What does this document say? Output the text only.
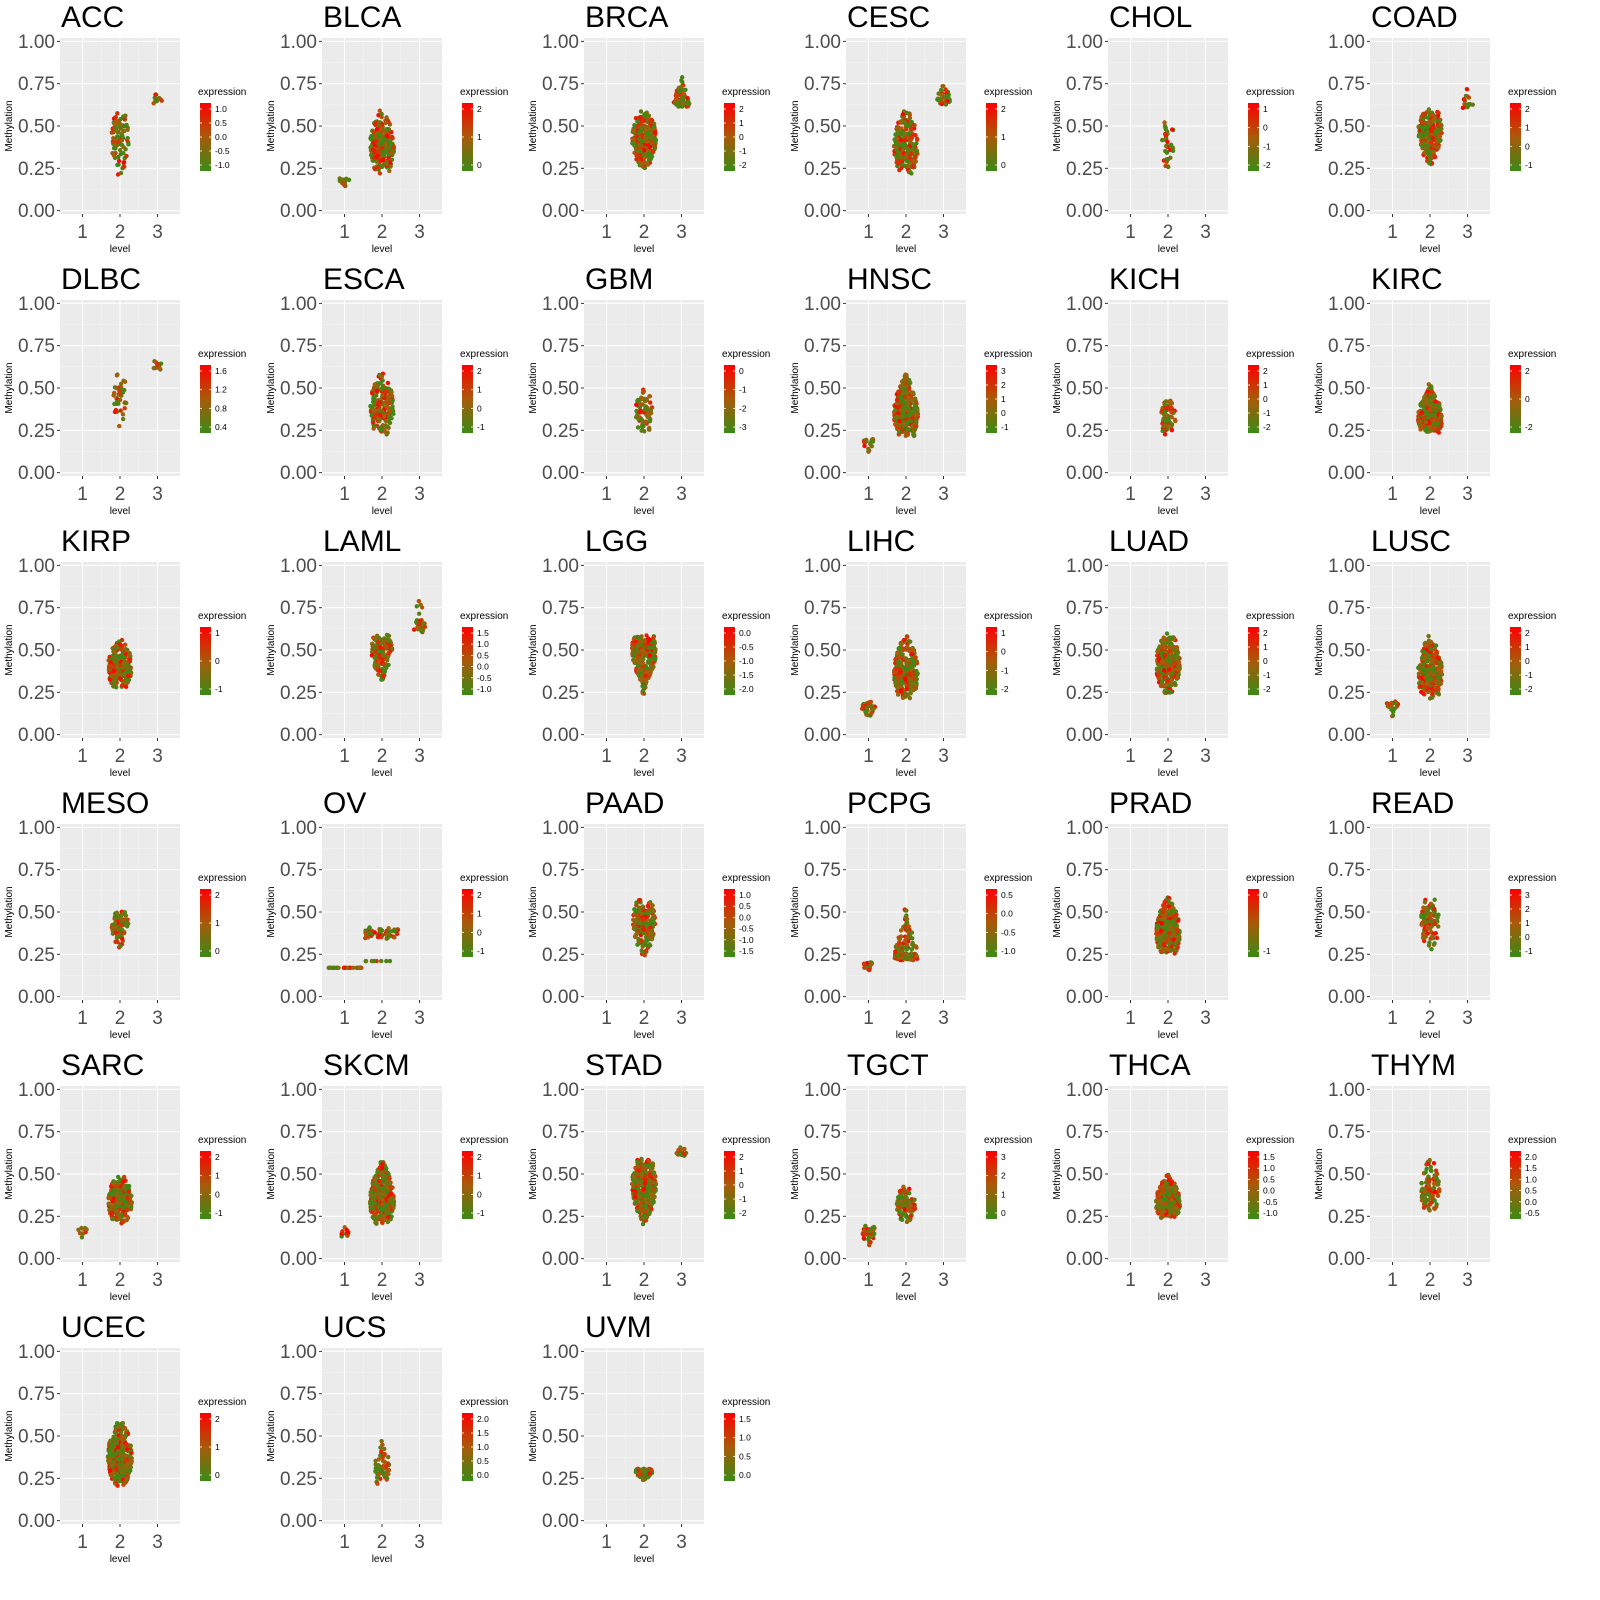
ACC
0.00
0.25
0.50
0.75
1.00
1 2 3
level
Methylation
expression
1.0
0.5
0.0
-0.5
-1.0
BLCA
0.00
0.25
0.50
0.75
1.00
1 2 3
level
Methylation
expression
2
1
0
BRCA
0.00
0.25
0.50
0.75
1.00
1 2 3
level
Methylation
expression
2
1
0
-1
-2
CESC
0.00
0.25
0.50
0.75
1.00
1 2 3
level
Methylation
expression
2
1
0
CHOL
0.00
0.25
0.50
0.75
1.00
1 2 3
level
Methylation
expression
1
0
-1
-2
COAD
0.00
0.25
0.50
0.75
1.00
1 2 3
level
Methylation
expression
2
1
0
-1
DLBC
0.00
0.25
0.50
0.75
1.00
1 2 3
level
Methylation
expression
1.6
1.2
0.8
0.4
ESCA
0.00
0.25
0.50
0.75
1.00
1 2 3
level
Methylation
expression
2
1
0
-1
GBM
0.00
0.25
0.50
0.75
1.00
1 2 3
level
Methylation
expression
0
-1
-2
-3
HNSC
0.00
0.25
0.50
0.75
1.00
1 2 3
level
Methylation
expression
3
2
1
0
-1
KICH
0.00
0.25
0.50
0.75
1.00
1 2 3
level
Methylation
expression
2
1
0
-1
-2
KIRC
0.00
0.25
0.50
0.75
1.00
1 2 3
level
Methylation
expression
2
0
-2
KIRP
0.00
0.25
0.50
0.75
1.00
1 2 3
level
Methylation
expression
1
0
-1
LAML
0.00
0.25
0.50
0.75
1.00
1 2 3
level
Methylation
expression
1.5
1.0
0.5
0.0
-0.5
-1.0
LGG
0.00
0.25
0.50
0.75
1.00
1 2 3
level
Methylation
expression
0.0
-0.5
-1.0
-1.5
-2.0
LIHC
0.00
0.25
0.50
0.75
1.00
1 2 3
level
Methylation
expression
1
0
-1
-2
LUAD
0.00
0.25
0.50
0.75
1.00
1 2 3
level
Methylation
expression
2
1
0
-1
-2
LUSC
0.00
0.25
0.50
0.75
1.00
1 2 3
level
Methylation
expression
2
1
0
-1
-2
MESO
0.00
0.25
0.50
0.75
1.00
1 2 3
level
Methylation
expression
2
1
0
OV
0.00
0.25
0.50
0.75
1.00
1 2 3
level
Methylation
expression
2
1
0
-1
PAAD
0.00
0.25
0.50
0.75
1.00
1 2 3
level
Methylation
expression
1.0
0.5
0.0
-0.5
-1.0
-1.5
PCPG
0.00
0.25
0.50
0.75
1.00
1 2 3
level
Methylation
expression
0.5
0.0
-0.5
-1.0
PRAD
0.00
0.25
0.50
0.75
1.00
1 2 3
level
Methylation
expression
0
-1
READ
0.00
0.25
0.50
0.75
1.00
1 2 3
level
Methylation
expression
3
2
1
0
-1
SARC
0.00
0.25
0.50
0.75
1.00
1 2 3
level
Methylation
expression
2
1
0
-1
SKCM
0.00
0.25
0.50
0.75
1.00
1 2 3
level
Methylation
expression
2
1
0
-1
STAD
0.00
0.25
0.50
0.75
1.00
1 2 3
level
Methylation
expression
2
1
0
-1
-2
TGCT
0.00
0.25
0.50
0.75
1.00
1 2 3
level
Methylation
expression
3
2
1
0
THCA
0.00
0.25
0.50
0.75
1.00
1 2 3
level
Methylation
expression
1.5
1.0
0.5
0.0
-0.5
-1.0
THYM
0.00
0.25
0.50
0.75
1.00
1 2 3
level
Methylation
expression
2.0
1.5
1.0
0.5
0.0
-0.5
UCEC
0.00
0.25
0.50
0.75
1.00
1 2 3
level
Methylation
expression
2
1
0
UCS
0.00
0.25
0.50
0.75
1.00
1 2 3
level
Methylation
expression
2.0
1.5
1.0
0.5
0.0
UVM
0.00
0.25
0.50
0.75
1.00
1 2 3
level
Methylation
expression
1.5
1.0
0.5
0.0
